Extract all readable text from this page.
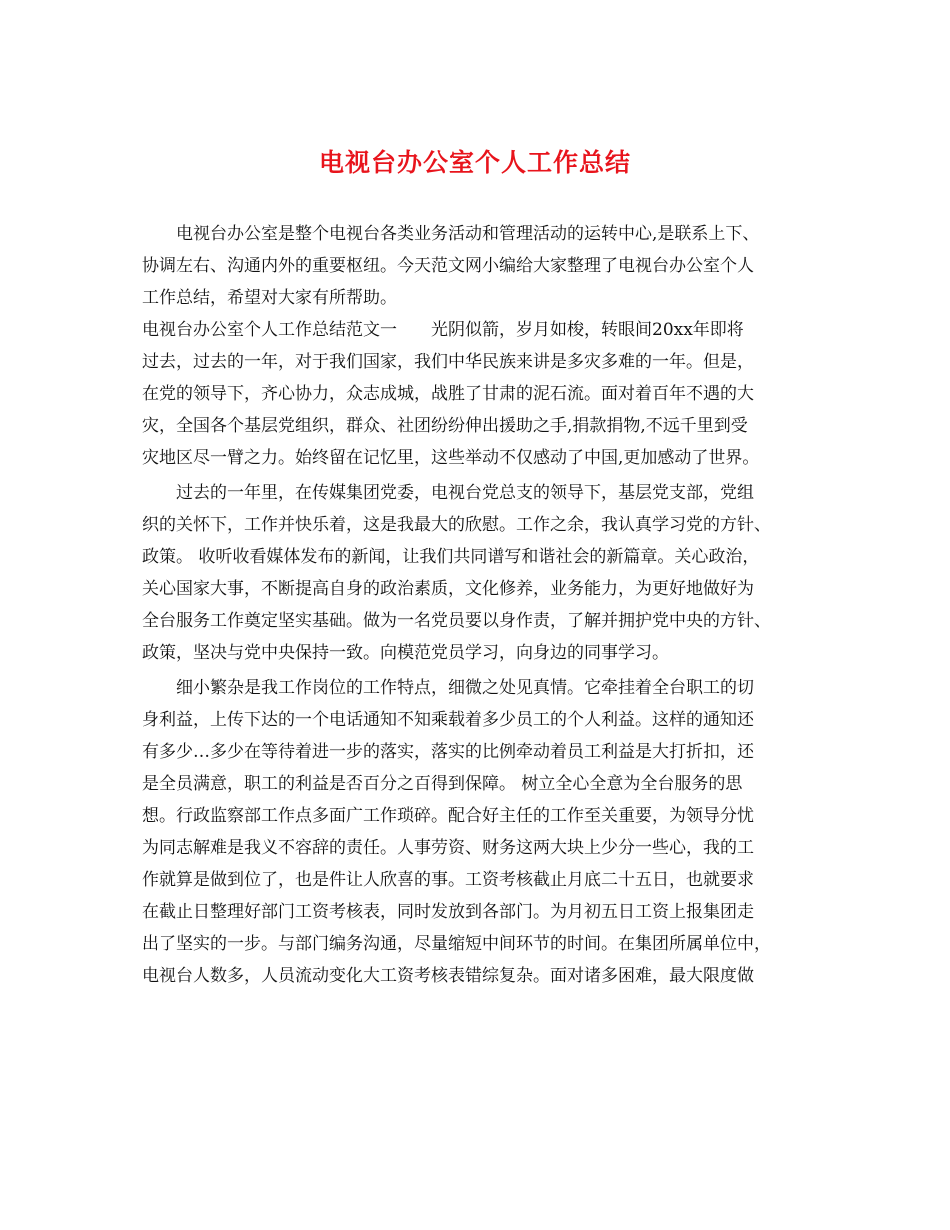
电视台办公室个人工作总结
电视台办公室是整个电视台各类业务活动和管理活动的运转中心,是联系上下、
协调左右、沟通内外的重要枢纽。今天范文网小编给大家整理了电视台办公室个人
工作总结，希望对大家有所帮助。
电视台办公室个人工作总结范文一　　光阴似箭，岁月如梭，转眼间20xx年即将
过去，过去的一年，对于我们国家，我们中华民族来讲是多灾多难的一年。但是，
在党的领导下，齐心协力，众志成城，战胜了甘肃的泥石流。面对着百年不遇的大
灾，全国各个基层党组织，群众、社团纷纷伸出援助之手,捐款捐物,不远千里到受
灾地区尽一臂之力。始终留在记忆里，这些举动不仅感动了中国,更加感动了世界。
过去的一年里，在传媒集团党委，电视台党总支的领导下，基层党支部，党组
织的关怀下，工作并快乐着，这是我最大的欣慰。工作之余，我认真学习党的方针、
政策。 收听收看媒体发布的新闻，让我们共同谱写和谐社会的新篇章。关心政治，
关心国家大事，不断提高自身的政治素质，文化修养，业务能力，为更好地做好为
全台服务工作奠定坚实基础。做为一名党员要以身作责，了解并拥护党中央的方针、
政策，坚决与党中央保持一致。向模范党员学习，向身边的同事学习。
细小繁杂是我工作岗位的工作特点，细微之处见真情。它牵挂着全台职工的切
身利益，上传下达的一个电话通知不知乘载着多少员工的个人利益。这样的通知还
有多少…多少在等待着进一步的落实，落实的比例牵动着员工利益是大打折扣，还
是全员满意，职工的利益是否百分之百得到保障。 树立全心全意为全台服务的思
想。行政监察部工作点多面广工作琐碎。配合好主任的工作至关重要，为领导分忧
为同志解难是我义不容辞的责任。人事劳资、财务这两大块上少分一些心，我的工
作就算是做到位了，也是件让人欣喜的事。工资考核截止月底二十五日，也就要求
在截止日整理好部门工资考核表，同时发放到各部门。为月初五日工资上报集团走
出了坚实的一步。与部门编务沟通，尽量缩短中间环节的时间。在集团所属单位中，
电视台人数多，人员流动变化大工资考核表错综复杂。面对诸多困难，最大限度做
